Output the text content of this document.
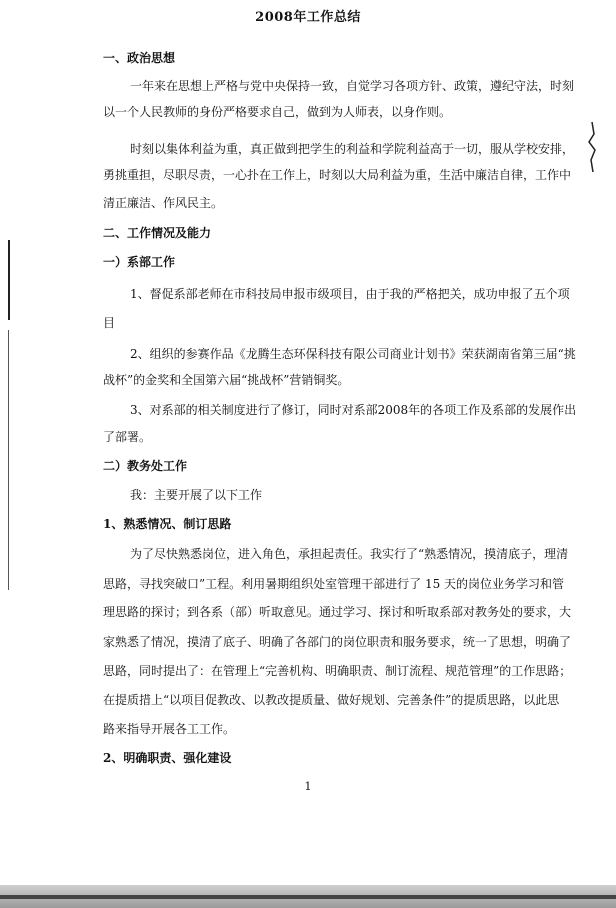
2008年工作总结
一、政治思想
一年来在思想上严格与党中央保持一致，自觉学习各项方针、政策，遵纪守法，时刻
以一个人民教师的身份严格要求自己，做到为人师表，以身作则。
时刻以集体利益为重，真正做到把学生的利益和学院利益高于一切，服从学校安排，
勇挑重担，尽职尽责，一心扑在工作上，时刻以大局利益为重，生活中廉洁自律，工作中
清正廉洁、作风民主。
二、工作情况及能力
一）系部工作
1、督促系部老师在市科技局申报市级项目，由于我的严格把关，成功申报了五个项
目
2、组织的参赛作品《龙腾生态环保科技有限公司商业计划书》荣获湖南省第三届“挑
战杯”的金奖和全国第六届“挑战杯”营销铜奖。
3、对系部的相关制度进行了修订，同时对系部2008年的各项工作及系部的发展作出
了部署。
二）教务处工作
我：主要开展了以下工作
1、熟悉情况、制订思路
为了尽快熟悉岗位，进入角色，承担起责任。我实行了“熟悉情况，摸清底子，理清
思路，寻找突破口”工程。利用暑期组织处室管理干部进行了 15 天的岗位业务学习和管
理思路的探讨；到各系（部）听取意见。通过学习、探讨和听取系部对教务处的要求，大
家熟悉了情况，摸清了底子、明确了各部门的岗位职责和服务要求，统一了思想，明确了
思路，同时提出了：在管理上“完善机构、明确职责、制订流程、规范管理”的工作思路；
在提质措上“以项目促教改、以教改提质量、做好规划、完善条件”的提质思路，以此思
路来指导开展各工工作。
2、明确职责、强化建设
1
